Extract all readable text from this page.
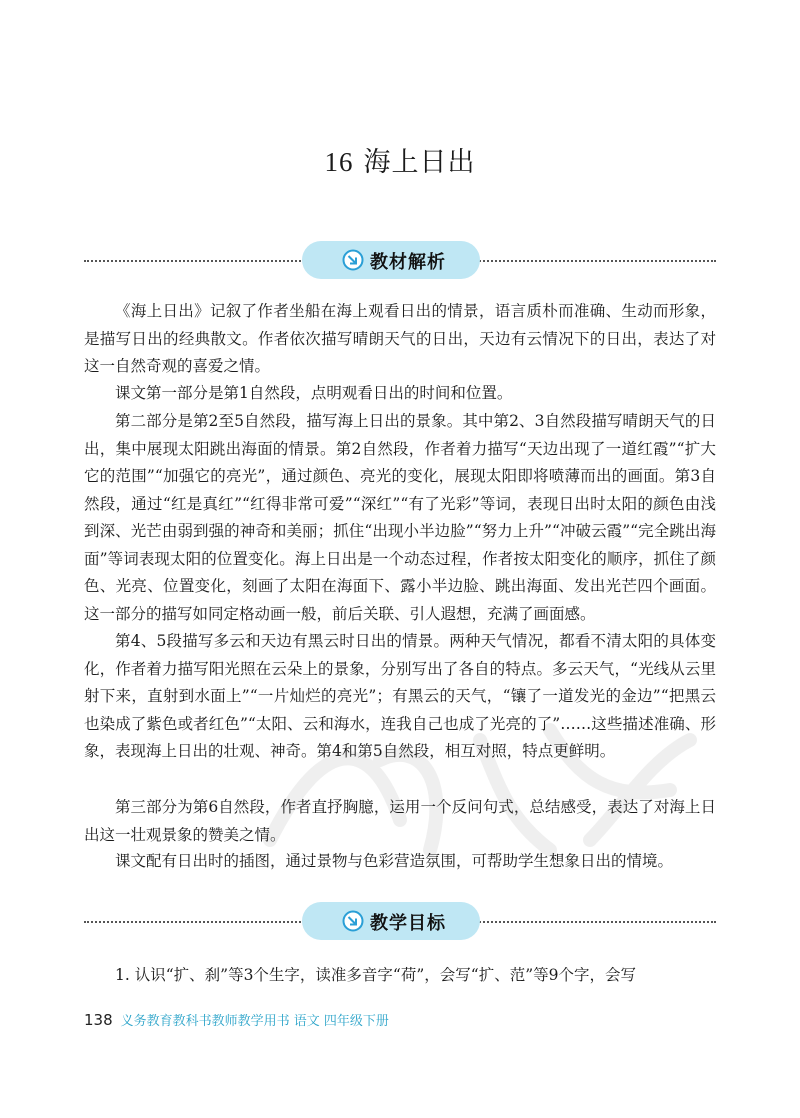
16 海上日出
教材解析

《海上日出》记叙了作者坐船在海上观看日出的情景，语言质朴而准确、生动而形象，是描写日出的经典散文。作者依次描写晴朗天气的日出，天边有云情况下的日出，表达了对这一自然奇观的喜爱之情。

课文第一部分是第1自然段，点明观看日出的时间和位置。

第二部分是第2至5自然段，描写海上日出的景象。其中第2、3自然段描写晴朗天气的日出，集中展现太阳跳出海面的情景。第2自然段，作者着力描写“天边出现了一道红霞”“扩大它的范围”“加强它的亮光”，通过颜色、亮光的变化，展现太阳即将喷薄而出的画面。第3自然段，通过“红是真红”“红得非常可爱”“深红”“有了光彩”等词，表现日出时太阳的颜色由浅到深、光芒由弱到强的神奇和美丽；抓住“出现小半边脸”“努力上升”“冲破云霞”“完全跳出海面”等词表现太阳的位置变化。海上日出是一个动态过程，作者按太阳变化的顺序，抓住了颜色、光亮、位置变化，刻画了太阳在海面下、露小半边脸、跳出海面、发出光芒四个画面。这一部分的描写如同定格动画一般，前后关联、引人遐想，充满了画面感。

第4、5段描写多云和天边有黑云时日出的情景。两种天气情况，都看不清太阳的具体变化，作者着力描写阳光照在云朵上的景象，分别写出了各自的特点。多云天气，“光线从云里射下来，直射到水面上”“一片灿烂的亮光”；有黑云的天气，“镶了一道发光的金边”“把黑云也染成了紫色或者红色”“太阳、云和海水，连我自己也成了光亮的了”……这些描述准确、形象，表现海上日出的壮观、神奇。第4和第5自然段，相互对照，特点更鲜明。

第三部分为第6自然段，作者直抒胸臆，运用一个反问句式，总结感受，表达了对海上日出这一壮观景象的赞美之情。

课文配有日出时的插图，通过景物与色彩营造氛围，可帮助学生想象日出的情境。

教学目标

1. 认识“扩、刹”等3个生字，读准多音字“荷”，会写“扩、范”等9个字，会写

138 义务教育教科书教师教学用书 语文 四年级下册
